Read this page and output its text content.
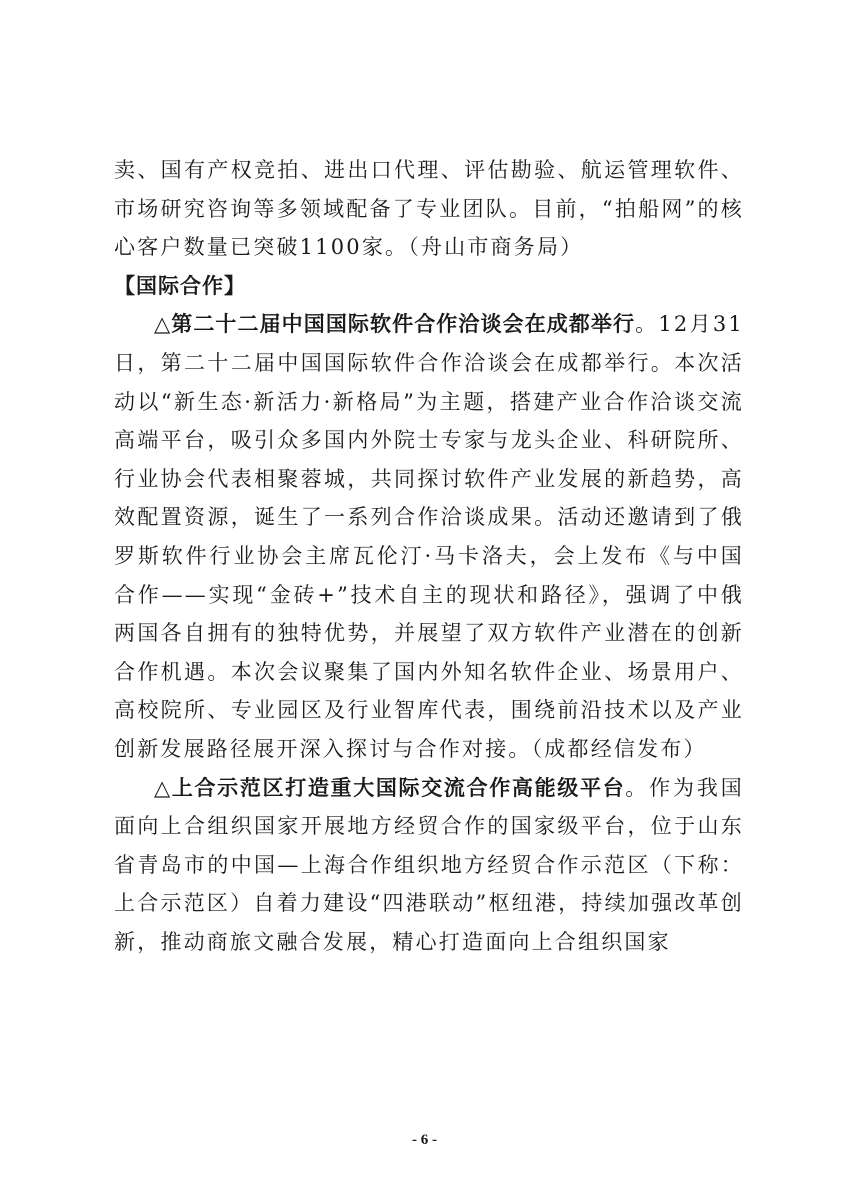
卖、国有产权竞拍、进出口代理、评估勘验、航运管理软件、市场研究咨询等多领域配备了专业团队。目前，“拍船网”的核心客户数量已突破1100家。（舟山市商务局）

【国际合作】

△第二十二届中国国际软件合作洽谈会在成都举行。12月31日，第二十二届中国国际软件合作洽谈会在成都举行。本次活动以“新生态·新活力·新格局”为主题，搭建产业合作洽谈交流高端平台，吸引众多国内外院士专家与龙头企业、科研院所、行业协会代表相聚蓉城，共同探讨软件产业发展的新趋势，高效配置资源，诞生了一系列合作洽谈成果。活动还邀请到了俄罗斯软件行业协会主席瓦伦汀·马卡洛夫，会上发布《与中国合作——实现“金砖+”技术自主的现状和路径》，强调了中俄两国各自拥有的独特优势，并展望了双方软件产业潜在的创新合作机遇。本次会议聚集了国内外知名软件企业、场景用户、高校院所、专业园区及行业智库代表，围绕前沿技术以及产业创新发展路径展开深入探讨与合作对接。（成都经信发布）

△上合示范区打造重大国际交流合作高能级平台。作为我国面向上合组织国家开展地方经贸合作的国家级平台，位于山东省青岛市的中国—上海合作组织地方经贸合作示范区（下称：上合示范区）自着力建设“四港联动”枢纽港，持续加强改革创新，推动商旅文融合发展，精心打造面向上合组织国家

- 6 -
